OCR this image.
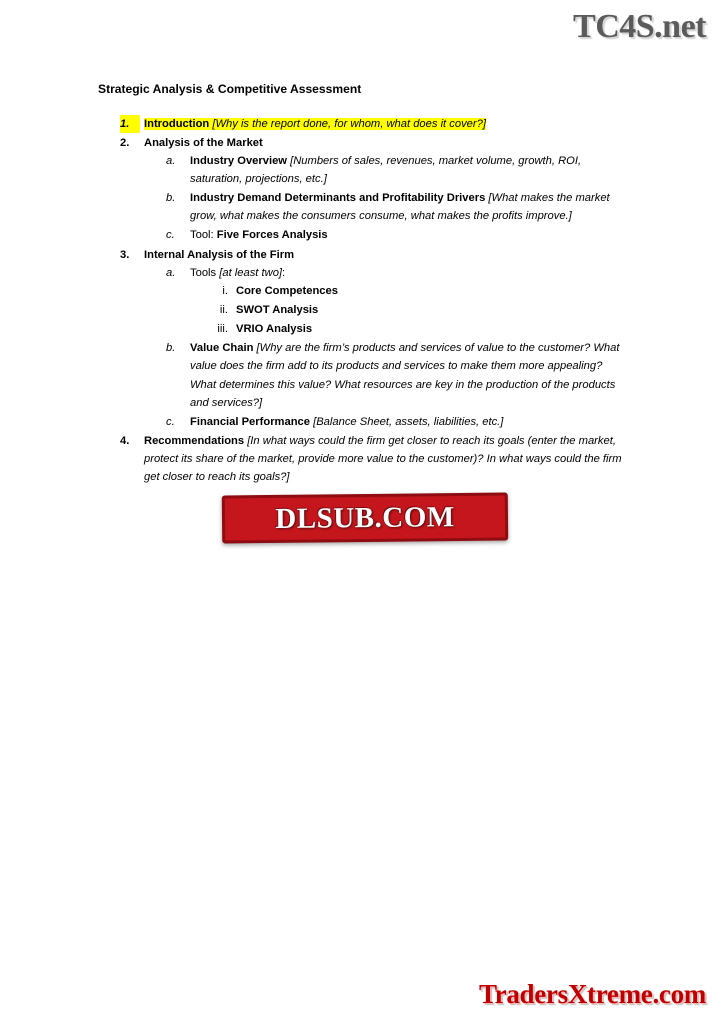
TC4S.net
Strategic Analysis & Competitive Assessment
1.	Introduction [Why is the report done, for whom, what does it cover?]
2.	Analysis of the Market
a.	Industry Overview [Numbers of sales, revenues, market volume, growth, ROI, saturation, projections, etc.]
b.	Industry Demand Determinants and Profitability Drivers [What makes the market grow, what makes the consumers consume, what makes the profits improve.]
c.	Tool: Five Forces Analysis
3.	Internal Analysis of the Firm
a.	Tools [at least two]:
i. Core Competences
ii. SWOT Analysis
iii. VRIO Analysis
b.	Value Chain [Why are the firm’s products and services of value to the customer? What value does the firm add to its products and services to make them more appealing? What determines this value? What resources are key in the production of the products and services?]
c.	Financial Performance [Balance Sheet, assets, liabilities, etc.]
4.	Recommendations [In what ways could the firm get closer to reach its goals (enter the market, protect its share of the market, provide more value to the customer)? In what ways could the firm get closer to reach its goals?]
DLSUB.COM
TradersXtreme.com
